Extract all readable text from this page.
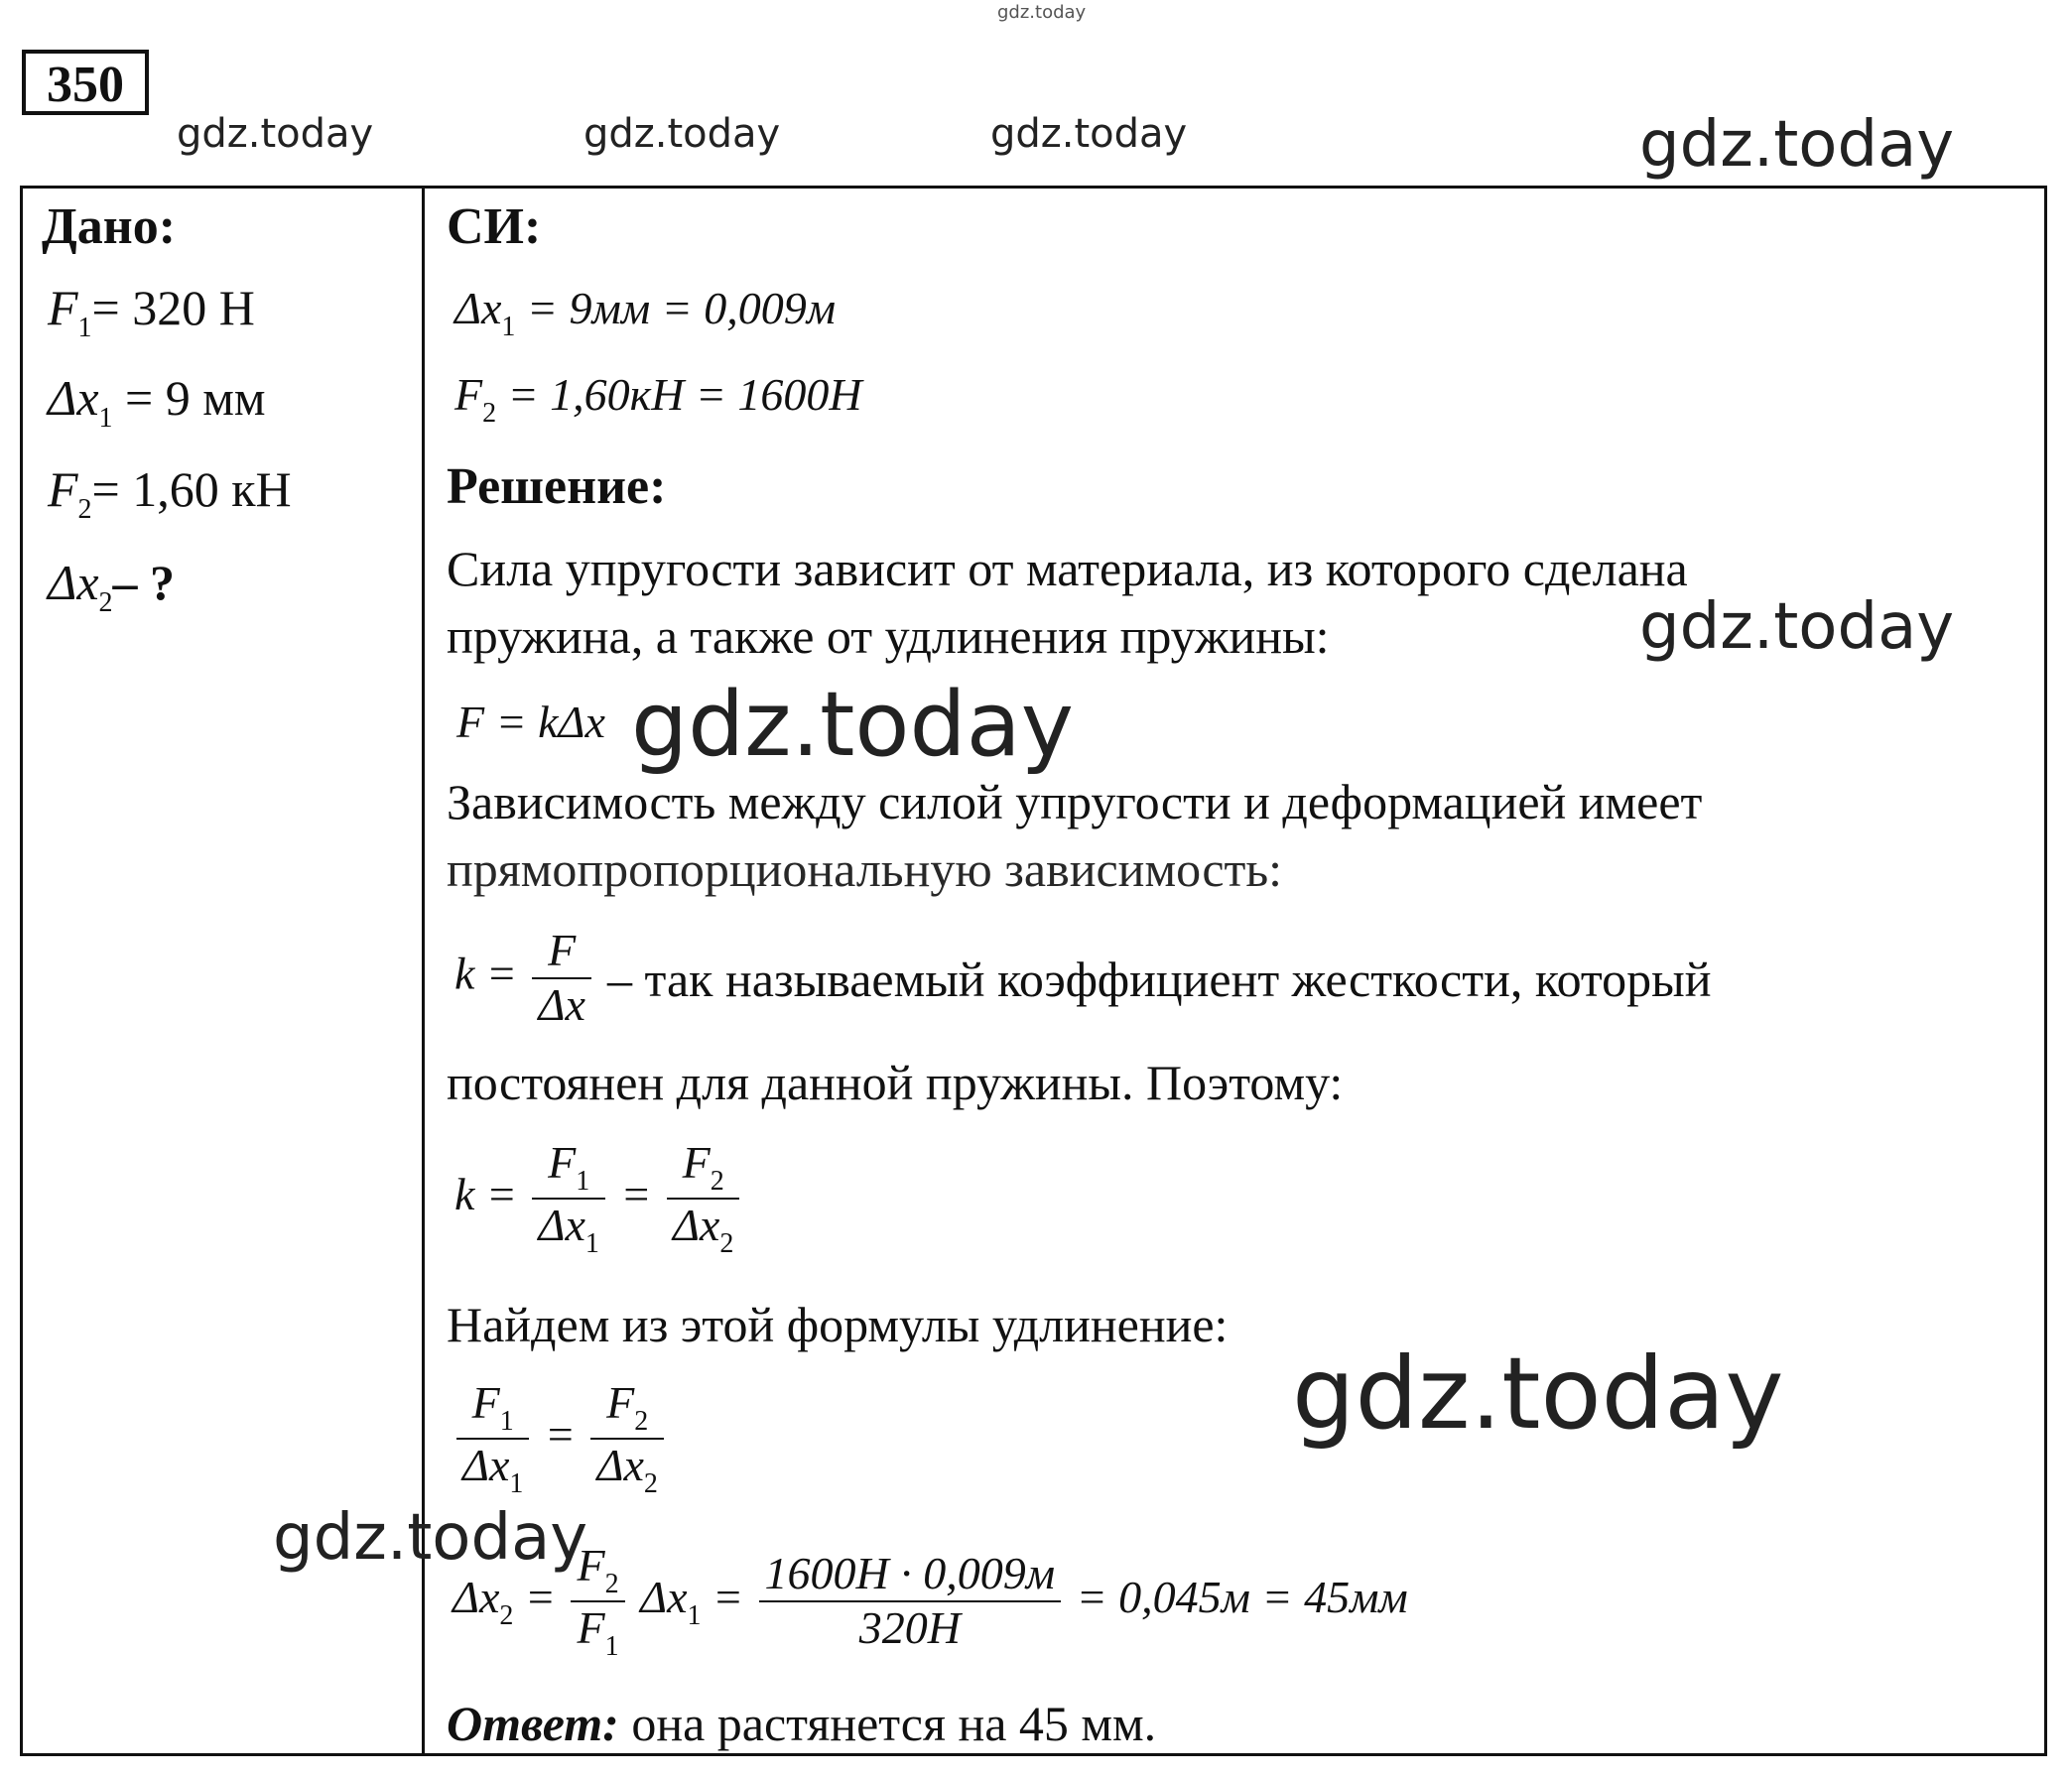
gdz.today
350
gdz.today	gdz.today	gdz.today	gdz.today
Дано:
$F_1= 320$ Н
$\Delta x_1 = 9$ мм
$F_2= 1,60$ кН
$\Delta x_2-$ ?
СИ:
$\Delta x_1 = 9мм = 0,009м$
$F_2 = 1,60кН = 1600Н$
Решение:
Сила упругости зависит от материала, из которого сделана
пружина, а также от удлинения пружины:	gdz.today
F = kΔx gdz.today
Зависимость между силой упругости и деформацией имеет
прямопропорциональную зависимость:
$k = \frac{F}{\Delta x}$ – так называемый коэффициент жесткости, который
постоянен для данной пружины. Поэтому:
$k = \frac{F_1}{\Delta x_1} = \frac{F_2}{\Delta x_2}$
Найдем из этой формулы удлинение:
gdz.today
$\frac{F_1}{\Delta x_1} = \frac{F_2}{\Delta x_2}$
gdz.today
$\Delta x_2 = \frac{F_2}{F_1} \Delta x_1 = \frac{1600Н \cdot 0,009м}{320Н} = 0,045м = 45мм$
Ответ: она растянется на 45 мм.
